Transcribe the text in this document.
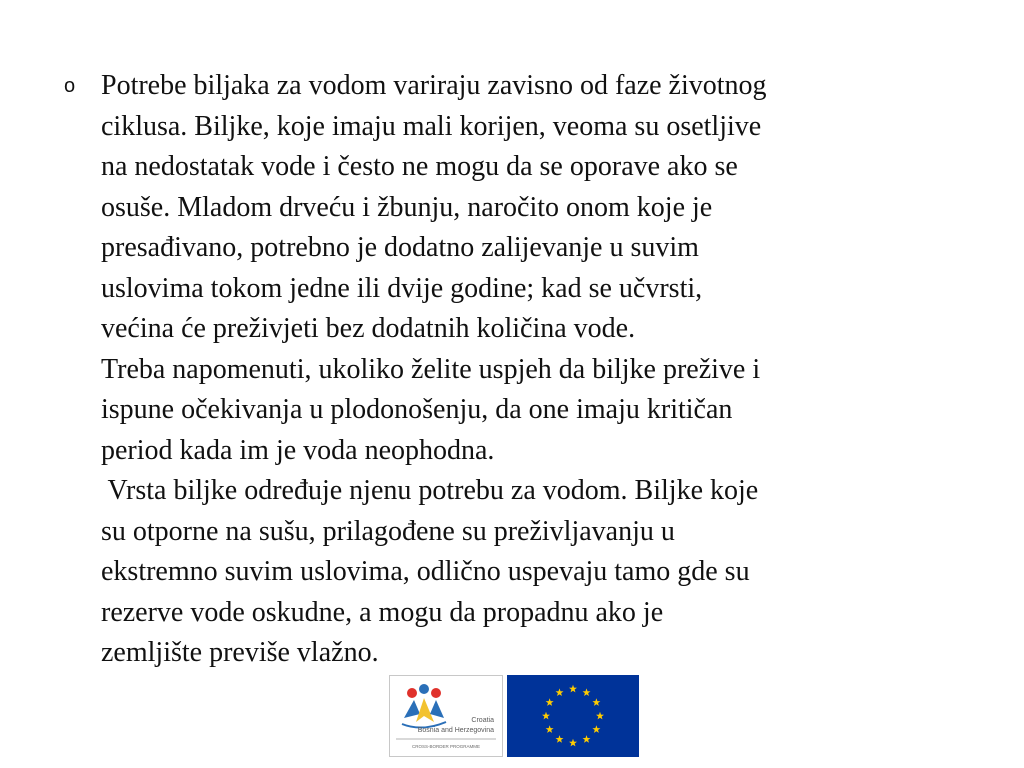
o Potrebe biljaka za vodom variraju zavisno od faze životnog
ciklusa. Biljke, koje imaju mali korijen, veoma su osetljive
na nedostatak vode i često ne mogu da se oporave ako se
osuše. Mladom drveću i žbunju, naročito onom koje je
presađivano, potrebno je dodatno zalijevanje u suvim
uslovima tokom jedne ili dvije godine; kad se učvrsti,
većina će preživjeti bez dodatnih količina vode.
Treba napomenuti, ukoliko želite uspjeh da biljke prežive i
ispune očekivanja u plodonošenju, da one imaju kritičan
period kada im je voda neophodna.
Vrsta biljke određuje njenu potrebu za vodom. Biljke koje
su otporne na sušu, prilagođene su preživljavanju u
ekstremno suvim uslovima, odlično uspevaju tamo gde su
rezerve vode oskudne, a mogu da propadnu ako je
zemljište previše vlažno.
Croatia
Bosnia and Herzegovina
CROSS-BORDER PROGRAMME
